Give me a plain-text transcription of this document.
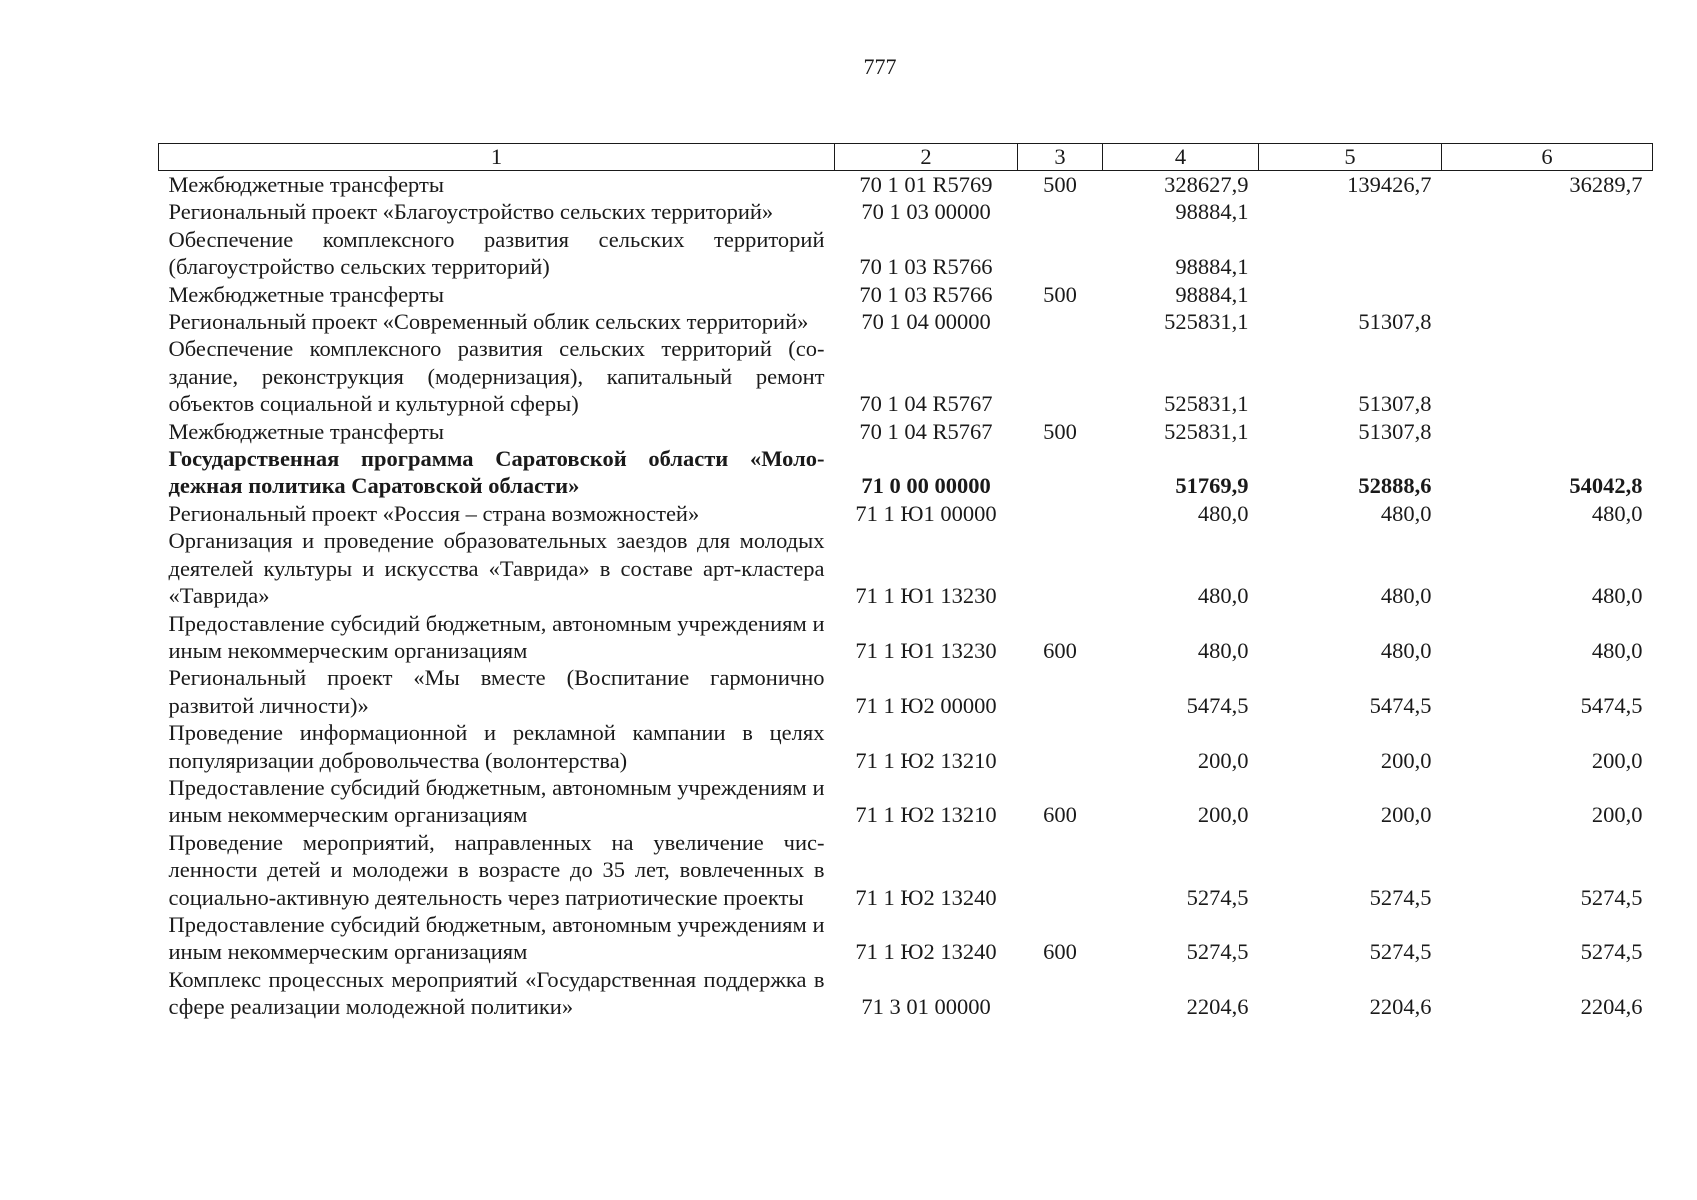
777
1	2	3	4	5	6
Межбюджетные трансферты	70 1 01 R5769	500	328627,9	139426,7	36289,7
Региональный проект «Благоустройство сельских территорий»	70 1 03 00000		98884,1		
Обеспечение комплексного развития сельских территорий (благоустройство сельских территорий)	70 1 03 R5766		98884,1		
Межбюджетные трансферты	70 1 03 R5766	500	98884,1		
Региональный проект «Современный облик сельских территорий»	70 1 04 00000		525831,1	51307,8	
Обеспечение комплексного развития сельских территорий (создание, реконструкция (модернизация), капитальный ремонт объектов социальной и культурной сферы)	70 1 04 R5767		525831,1	51307,8	
Межбюджетные трансферты	70 1 04 R5767	500	525831,1	51307,8	
Государственная программа Саратовской области «Молодежная политика Саратовской области»	71 0 00 00000		51769,9	52888,6	54042,8
Региональный проект «Россия – страна возможностей»	71 1 Ю1 00000		480,0	480,0	480,0
Организация и проведение образовательных заездов для молодых деятелей культуры и искусства «Таврида» в составе арт-кластера «Таврида»	71 1 Ю1 13230		480,0	480,0	480,0
Предоставление субсидий бюджетным, автономным учреждениям и иным некоммерческим организациям	71 1 Ю1 13230	600	480,0	480,0	480,0
Региональный проект «Мы вместе (Воспитание гармонично развитой личности)»	71 1 Ю2 00000		5474,5	5474,5	5474,5
Проведение информационной и рекламной кампании в целях популяризации добровольчества (волонтерства)	71 1 Ю2 13210		200,0	200,0	200,0
Предоставление субсидий бюджетным, автономным учреждениям и иным некоммерческим организациям	71 1 Ю2 13210	600	200,0	200,0	200,0
Проведение мероприятий, направленных на увеличение численности детей и молодежи в возрасте до 35 лет, вовлеченных в социально-активную деятельность через патриотические проекты	71 1 Ю2 13240		5274,5	5274,5	5274,5
Предоставление субсидий бюджетным, автономным учреждениям и иным некоммерческим организациям	71 1 Ю2 13240	600	5274,5	5274,5	5274,5
Комплекс процессных мероприятий «Государственная поддержка в сфере реализации молодежной политики»	71 3 01 00000		2204,6	2204,6	2204,6
